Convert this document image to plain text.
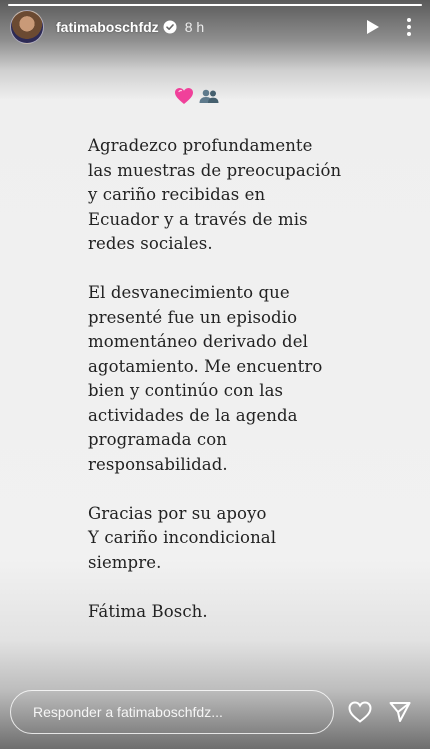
fatimaboschfdz 8 h

Agradezco profundamente
las muestras de preocupación
y cariño recibidas en
Ecuador y a través de mis
redes sociales.

El desvanecimiento que
presenté fue un episodio
momentáneo derivado del
agotamiento. Me encuentro
bien y continúo con las
actividades de la agenda
programada con
responsabilidad.

Gracias por su apoyo
Y cariño incondicional
siempre.

Fátima Bosch.

Responder a fatimaboschfdz...
